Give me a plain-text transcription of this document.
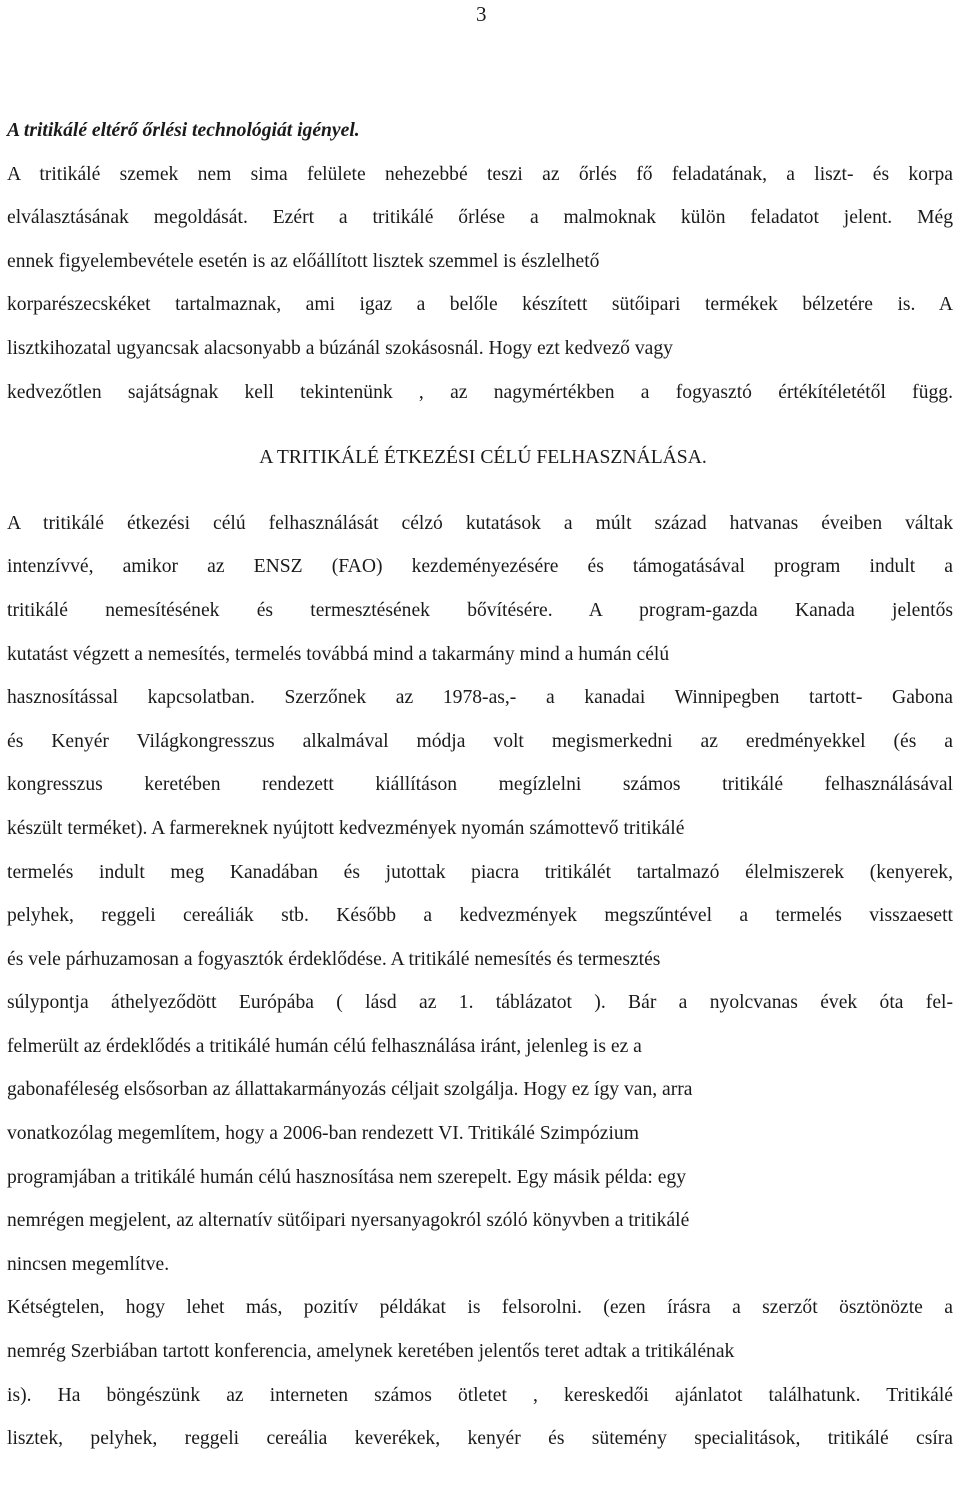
3
A tritikálé eltérő őrlési technológiát igényel.
A tritikálé szemek nem sima felülete nehezebbé teszi az őrlés fő feladatának, a liszt- és korpa
elválasztásának megoldását. Ezért a tritikálé őrlése a malmoknak külön feladatot jelent. Még
ennek figyelembevétele esetén is az előállított lisztek szemmel is észlelhető
korparészecskéket tartalmaznak, ami igaz a belőle készített sütőipari termékek bélzetére is. A
lisztkihozatal ugyancsak alacsonyabb a búzánál szokásosnál. Hogy ezt kedvező vagy
kedvezőtlen sajátságnak kell tekintenünk , az nagymértékben a fogyasztó értékítéletétől függ.
A TRITIKÁLÉ ÉTKEZÉSI CÉLÚ FELHASZNÁLÁSA.
A tritikálé étkezési célú felhasználását célzó kutatások a múlt század hatvanas éveiben váltak
intenzívvé, amikor az ENSZ (FAO) kezdeményezésére és támogatásával program indult a
tritikálé nemesítésének és termesztésének bővítésére. A program-gazda Kanada jelentős
kutatást végzett a nemesítés, termelés továbbá mind a takarmány mind a humán célú
hasznosítással kapcsolatban. Szerzőnek az 1978-as,- a kanadai Winnipegben tartott- Gabona
és Kenyér Világkongresszus alkalmával módja volt megismerkedni az eredményekkel (és a
kongresszus keretében rendezett kiállításon megízlelni számos tritikálé felhasználásával
készült terméket). A farmereknek nyújtott kedvezmények nyomán számottevő tritikálé
termelés indult meg Kanadában és jutottak piacra tritikálét tartalmazó élelmiszerek (kenyerek,
pelyhek, reggeli cereáliák stb. Később a kedvezmények megszűntével a termelés visszaesett
és vele párhuzamosan a fogyasztók érdeklődése. A tritikálé nemesítés és termesztés
súlypontja áthelyeződött Európába ( lásd az 1. táblázatot ). Bár a nyolcvanas évek óta fel-
felmerült az érdeklődés a tritikálé humán célú felhasználása iránt, jelenleg is ez a
gabonaféleség elsősorban az állattakarmányozás céljait szolgálja. Hogy ez így van, arra
vonatkozólag megemlítem, hogy a 2006-ban rendezett VI. Tritikálé Szimpózium
programjában a tritikálé humán célú hasznosítása nem szerepelt. Egy másik példa: egy
nemrégen megjelent, az alternatív sütőipari nyersanyagokról szóló könyvben a tritikálé
nincsen megemlítve.
Kétségtelen, hogy lehet más, pozitív példákat is felsorolni. (ezen írásra a szerzőt ösztönözte a
nemrég Szerbiában tartott konferencia, amelynek keretében jelentős teret adtak a tritikálénak
is). Ha böngészünk az interneten számos ötletet , kereskedői ajánlatot találhatunk. Tritikálé
lisztek, pelyhek, reggeli cereália keverékek, kenyér és sütemény specialitások, tritikálé csíra
